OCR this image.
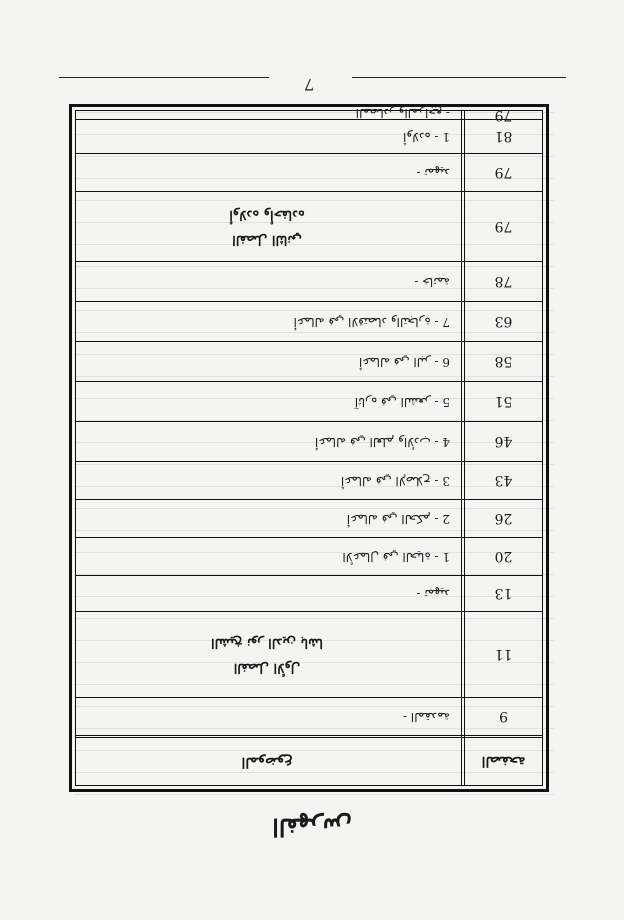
الفهرس
الصفحة
الموضوع
9
المقدمة -
11
الفصل الأول
الشيخ نور الدين باشا
13
تمهيد -
20
1 - الأعمال في الحياة
26
2 - أعماله في الحكم
43
3 - أعماله في الإصلاح
46
4 - أعماله في العلم والأدب
51
5 - آثاره في الشعر
58
6 - أعماله في البر
63
7 - أعماله في الاقتصاد والتجارة
78
خاتمة -
79
الفصل الثاني
أولاده وأحفاده
79
تمهيد -
81
1 - أولاده
79
- المصادر والمراجع
7
